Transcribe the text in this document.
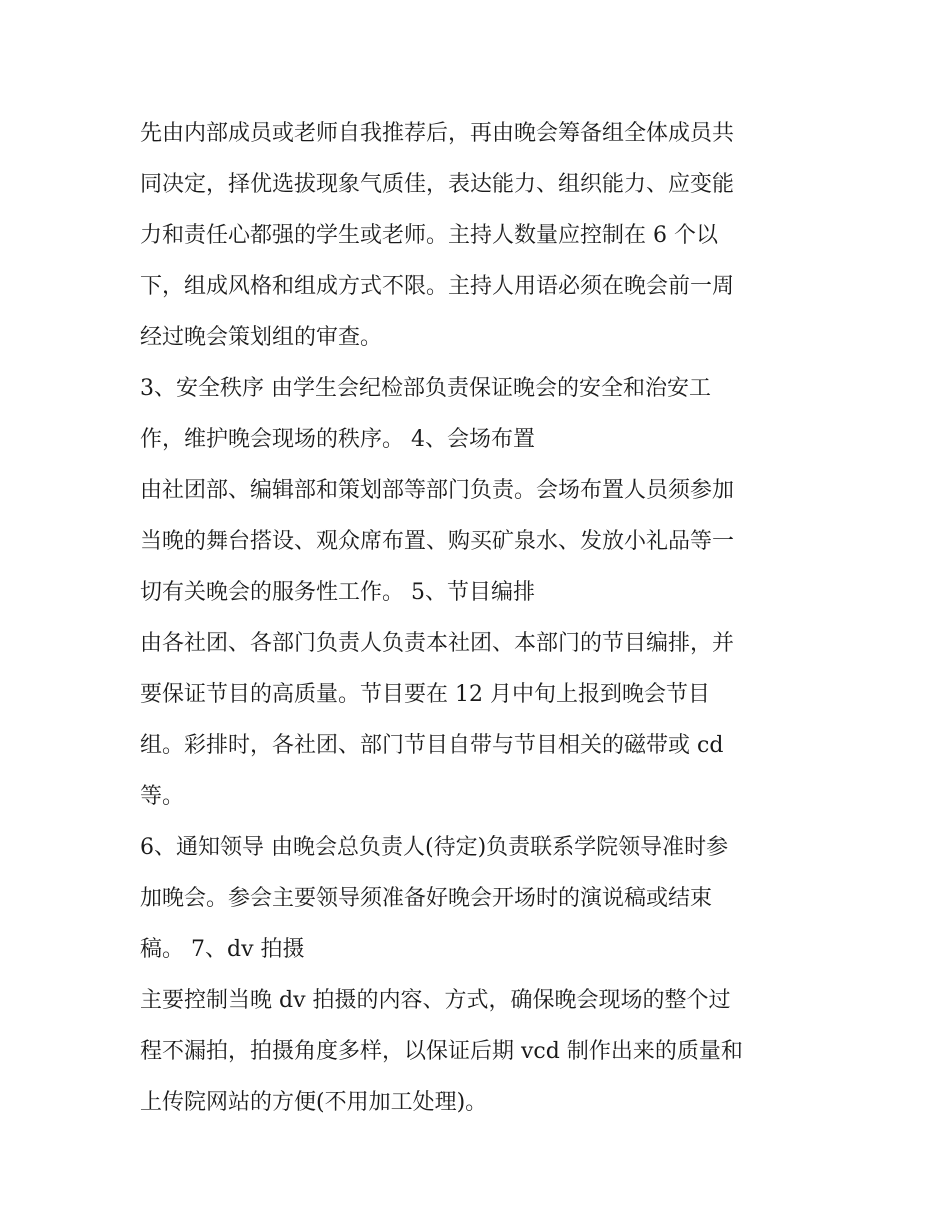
先由内部成员或老师自我推荐后，再由晚会筹备组全体成员共
同决定，择优选拔现象气质佳，表达能力、组织能力、应变能
力和责任心都强的学生或老师。主持人数量应控制在 6 个以
下，组成风格和组成方式不限。主持人用语必须在晚会前一周
经过晚会策划组的审查。
3、安全秩序 由学生会纪检部负责保证晚会的安全和治安工
作，维护晚会现场的秩序。 4、会场布置
由社团部、编辑部和策划部等部门负责。会场布置人员须参加
当晚的舞台搭设、观众席布置、购买矿泉水、发放小礼品等一
切有关晚会的服务性工作。 5、节目编排
由各社团、各部门负责人负责本社团、本部门的节目编排，并
要保证节目的高质量。节目要在 12 月中旬上报到晚会节目
组。彩排时，各社团、部门节目自带与节目相关的磁带或 cd
等。
6、通知领导 由晚会总负责人(待定)负责联系学院领导准时参
加晚会。参会主要领导须准备好晚会开场时的演说稿或结束
稿。 7、dv 拍摄
主要控制当晚 dv 拍摄的内容、方式，确保晚会现场的整个过
程不漏拍，拍摄角度多样，以保证后期 vcd 制作出来的质量和
上传院网站的方便(不用加工处理)。
